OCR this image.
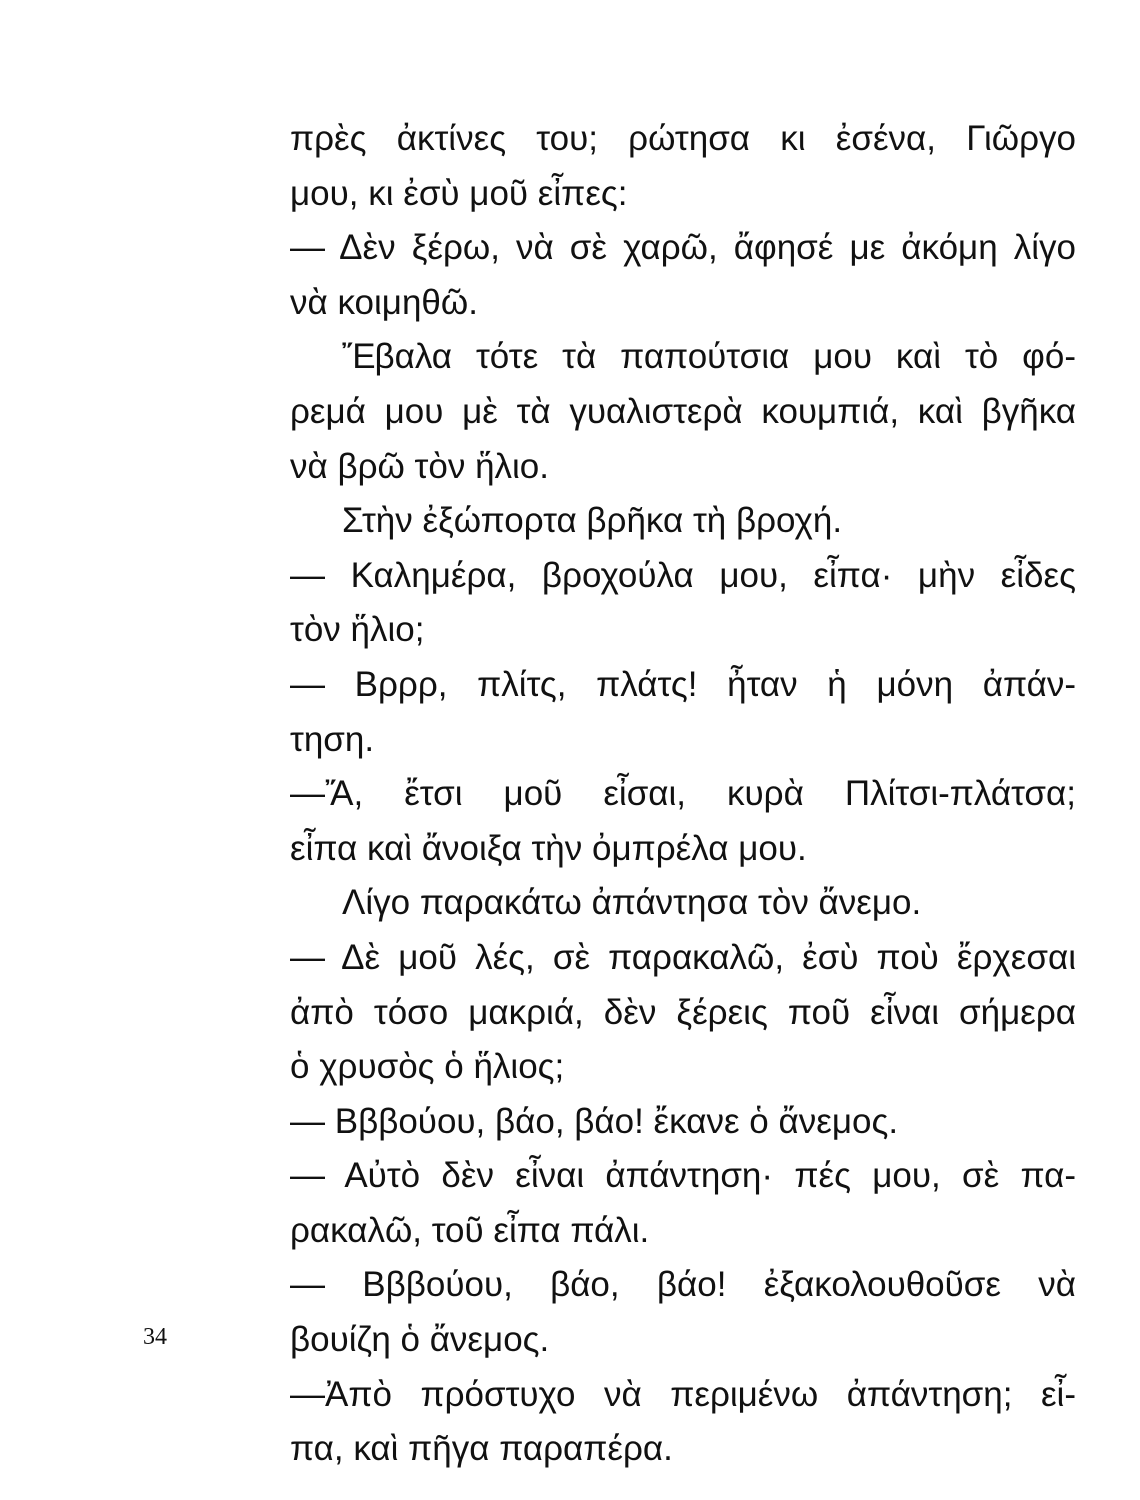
πρὲς ἀκτίνες του; ρώτησα κι ἐσένα, Γιῶργο
μου, κι ἐσὺ μοῦ εἶπες:
— Δὲν ξέρω, νὰ σὲ χαρῶ, ἄφησέ με ἀκόμη λίγο
νὰ κοιμηθῶ.
Ἔβαλα τότε τὰ παπούτσια μου καὶ τὸ φό-
ρεμά μου μὲ τὰ γυαλιστερὰ κουμπιά, καὶ βγῆκα
νὰ βρῶ τὸν ἥλιο.
Στὴν ἐξώπορτα βρῆκα τὴ βροχή.
— Καλημέρα, βροχούλα μου, εἶπα· μὴν εἶδες
τὸν ἥλιο;
— Βρρρ, πλίτς, πλάτς! ἦταν ἡ μόνη ἀπάν-
τηση.
—Ἄ, ἔτσι μοῦ εἶσαι, κυρὰ Πλίτσι-πλάτσα;
εἶπα καὶ ἄνοιξα τὴν ὀμπρέλα μου.
Λίγο παρακάτω ἀπάντησα τὸν ἄνεμο.
— Δὲ μοῦ λές, σὲ παρακαλῶ, ἐσὺ ποὺ ἔρχεσαι
ἀπὸ τόσο μακριά, δὲν ξέρεις ποῦ εἶναι σήμερα
ὁ χρυσὸς ὁ ἥλιος;
— Βββούου, βάο, βάο! ἔκανε ὁ ἄνεμος.
— Αὐτὸ δὲν εἶναι ἀπάντηση· πές μου, σὲ πα-
ρακαλῶ, τοῦ εἶπα πάλι.
— Βββούου, βάο, βάο! ἐξακολουθοῦσε νὰ
βουίζη ὁ ἄνεμος.
—Ἀπὸ πρόστυχο νὰ περιμένω ἀπάντηση; εἶ-
πα, καὶ πῆγα παραπέρα.
34
